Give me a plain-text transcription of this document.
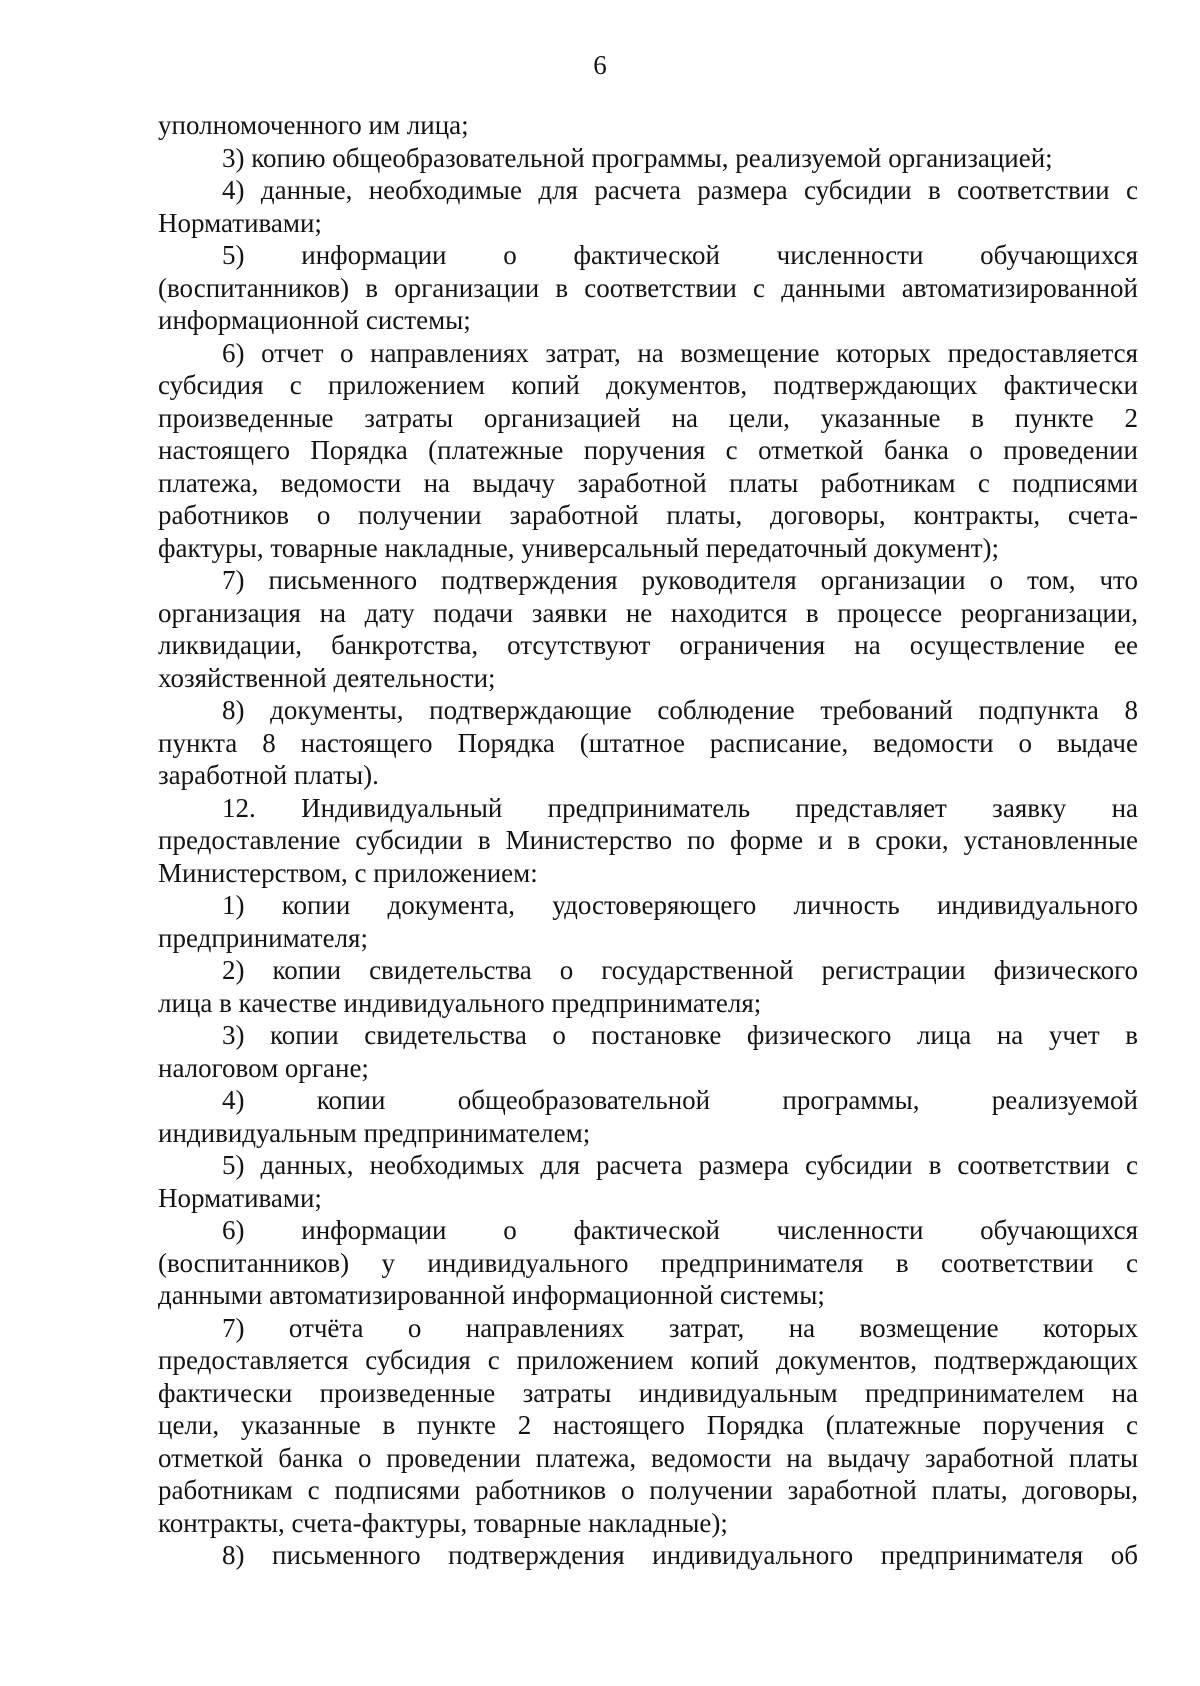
6
уполномоченного им лица;
3) копию общеобразовательной программы, реализуемой организацией;
4) данные, необходимые для расчета размера субсидии в соответствии с
Нормативами;
5) информации о фактической численности обучающихся
(воспитанников) в организации в соответствии с данными автоматизированной
информационной системы;
6) отчет о направлениях затрат, на возмещение которых предоставляется
субсидия с приложением копий документов, подтверждающих фактически
произведенные затраты организацией на цели, указанные в пункте 2
настоящего Порядка (платежные поручения с отметкой банка о проведении
платежа, ведомости на выдачу заработной платы работникам с подписями
работников о получении заработной платы, договоры, контракты, счета-
фактуры, товарные накладные, универсальный передаточный документ);
7) письменного подтверждения руководителя организации о том, что
организация на дату подачи заявки не находится в процессе реорганизации,
ликвидации, банкротства, отсутствуют ограничения на осуществление ее
хозяйственной деятельности;
8) документы, подтверждающие соблюдение требований подпункта 8
пункта 8 настоящего Порядка (штатное расписание, ведомости о выдаче
заработной платы).
12. Индивидуальный предприниматель представляет заявку на
предоставление субсидии в Министерство по форме и в сроки, установленные
Министерством, с приложением:
1) копии документа, удостоверяющего личность индивидуального
предпринимателя;
2) копии свидетельства о государственной регистрации физического
лица в качестве индивидуального предпринимателя;
3) копии свидетельства о постановке физического лица на учет в
налоговом органе;
4) копии общеобразовательной программы, реализуемой
индивидуальным предпринимателем;
5) данных, необходимых для расчета размера субсидии в соответствии с
Нормативами;
6) информации о фактической численности обучающихся
(воспитанников) у индивидуального предпринимателя в соответствии с
данными автоматизированной информационной системы;
7) отчёта о направлениях затрат, на возмещение которых
предоставляется субсидия с приложением копий документов, подтверждающих
фактически произведенные затраты индивидуальным предпринимателем на
цели, указанные в пункте 2 настоящего Порядка (платежные поручения с
отметкой банка о проведении платежа, ведомости на выдачу заработной платы
работникам с подписями работников о получении заработной платы, договоры,
контракты, счета-фактуры, товарные накладные);
8) письменного подтверждения индивидуального предпринимателя об
